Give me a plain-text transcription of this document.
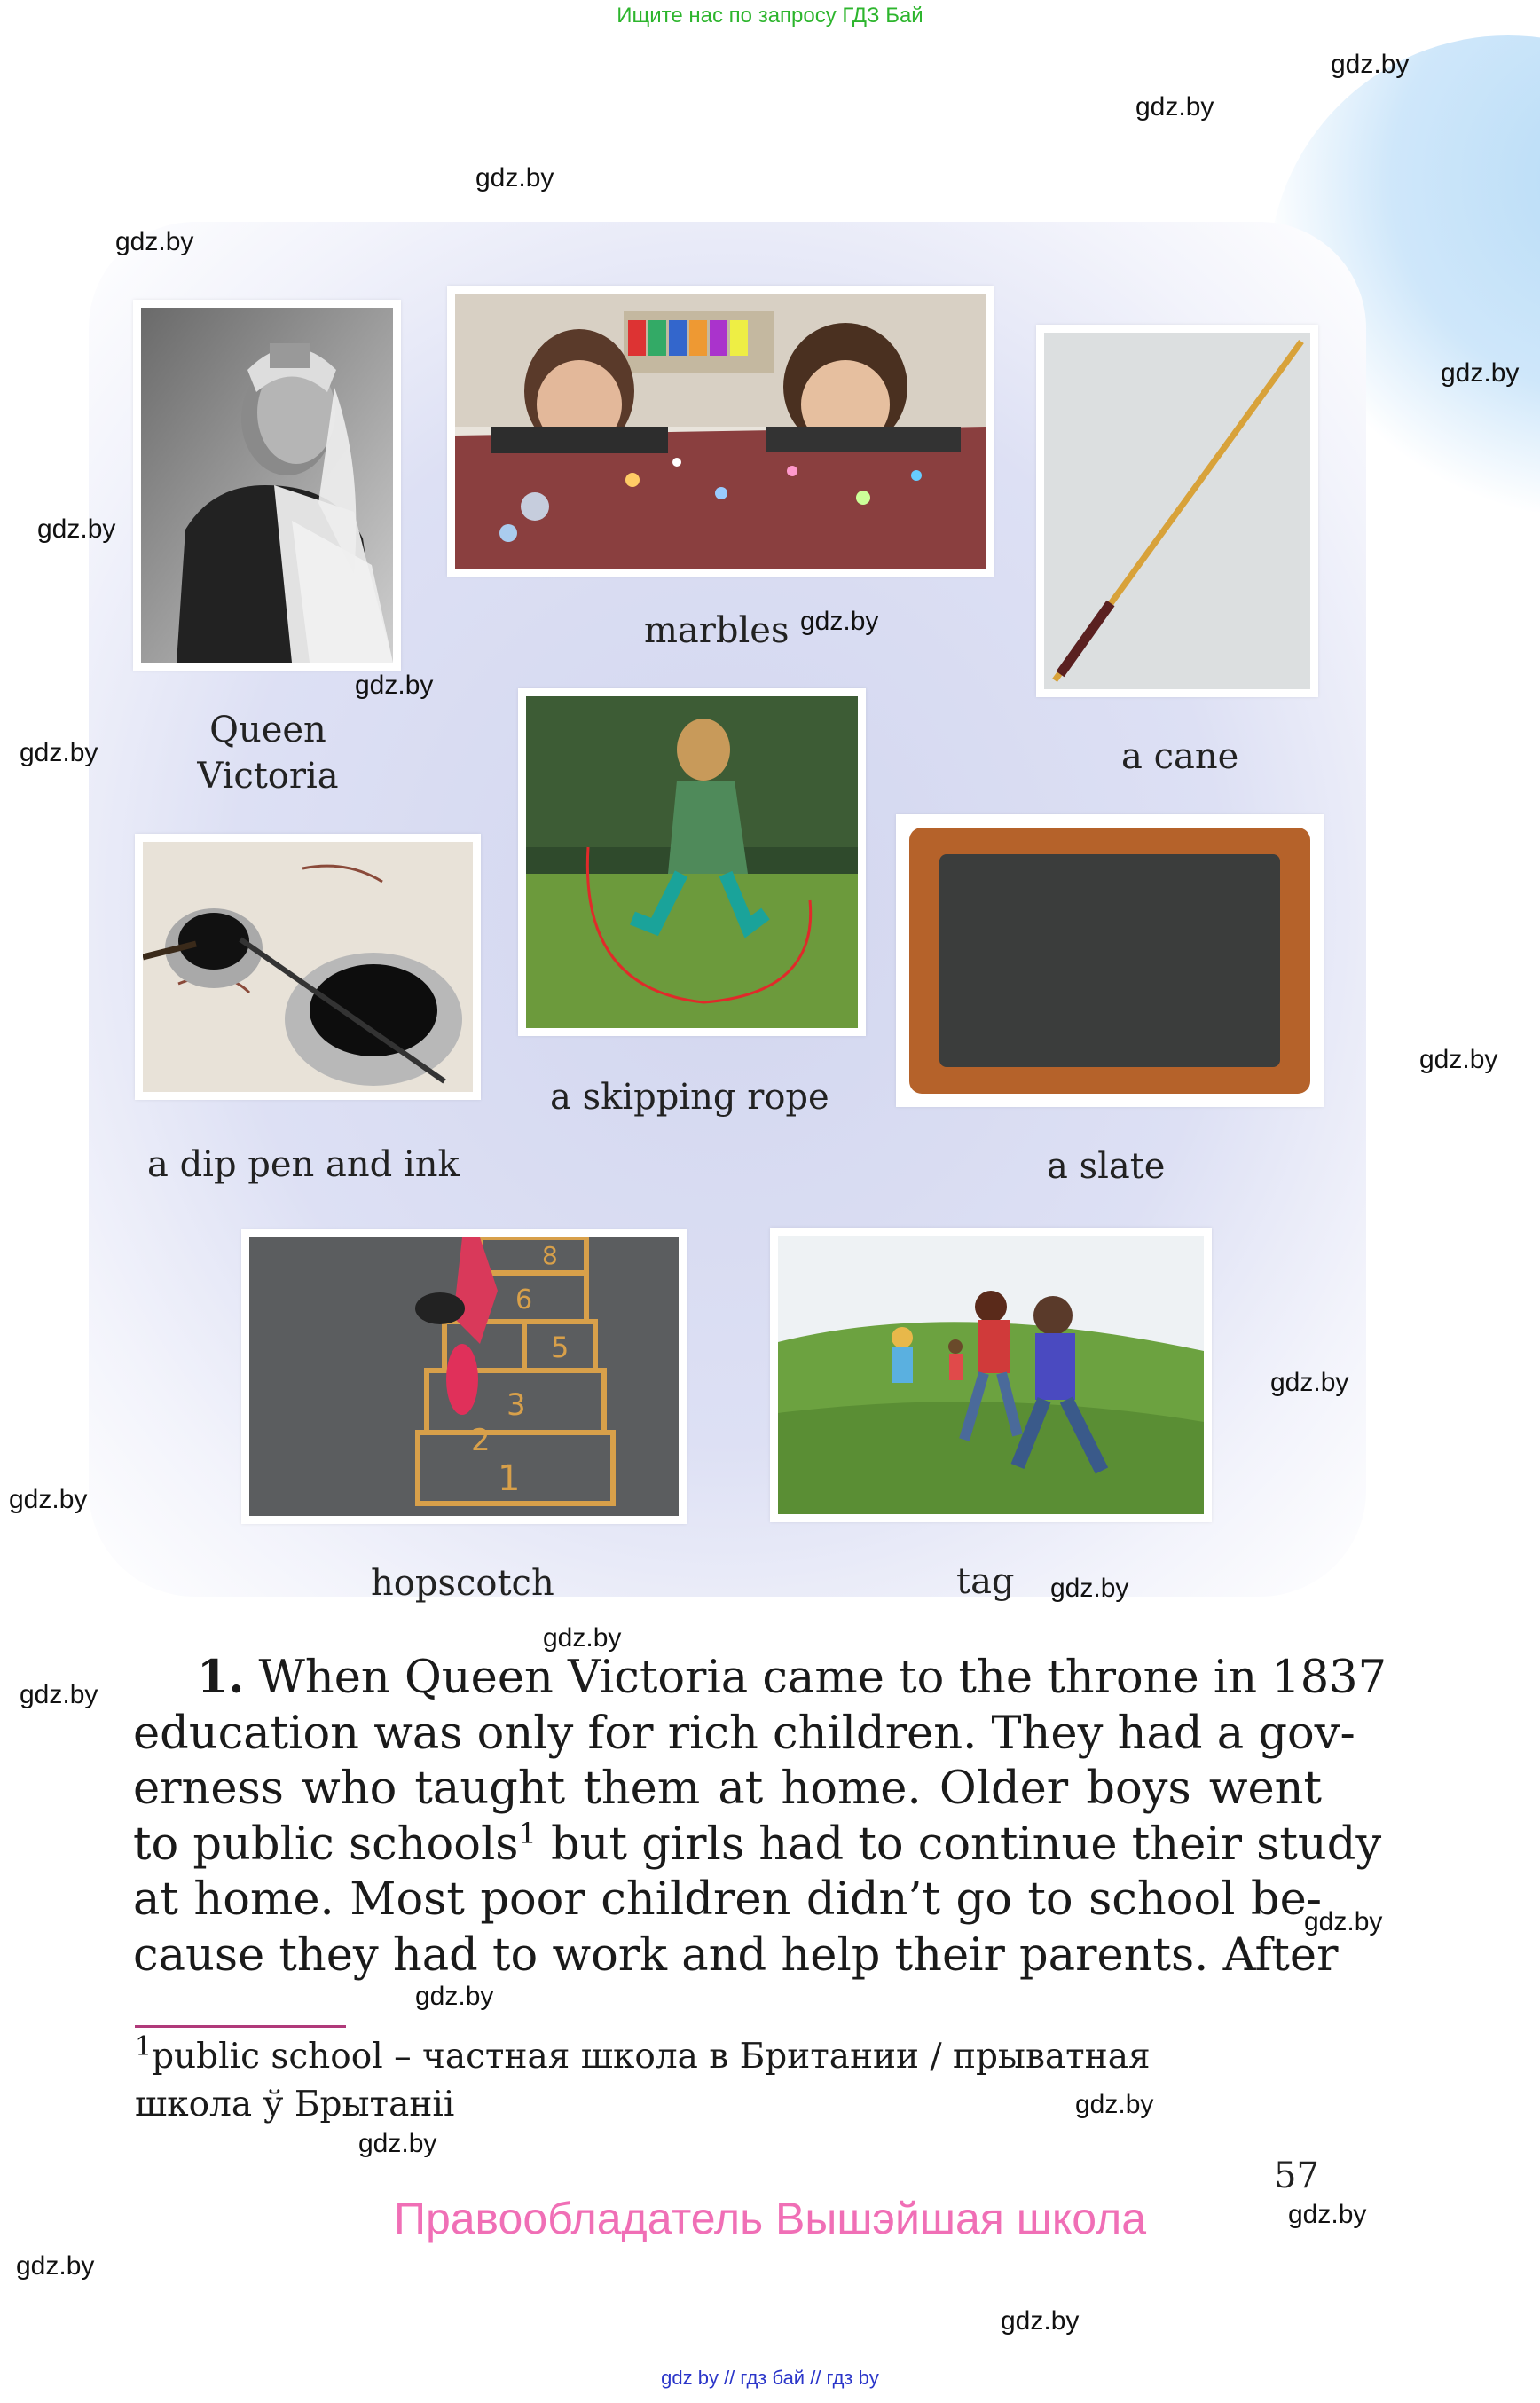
Ищите нас по запросу ГДЗ Бай
gdz.by
gdz.by
gdz.by
gdz.by
gdz.by
gdz.by
gdz.by
gdz.by
gdz.by
gdz.by
gdz.by
gdz.by
gdz.by
gdz.by
gdz.by
gdz.by
gdz.by
gdz.by
gdz.by
gdz.by
gdz.by
gdz.by
Queen
Victoria
marbles
a cane
a dip pen and ink
a skipping rope
a slate
8
6
5
3
2
1
hopscotch	tag
1. When Queen Victoria came to the throne in 1837
education was only for rich children. They had a gov-
erness who taught them at home. Older boys went
to public schools$^1$ but girls had to continue their study
at home. Most poor children didn’t go to school be-
cause they had to work and help their parents. After
$^1$public school – частная школа в Британии / прыватная
школа ў Брытаніі
57
Правообладатель Вышэйшая школа
gdz by // гдз бай // гдз by
